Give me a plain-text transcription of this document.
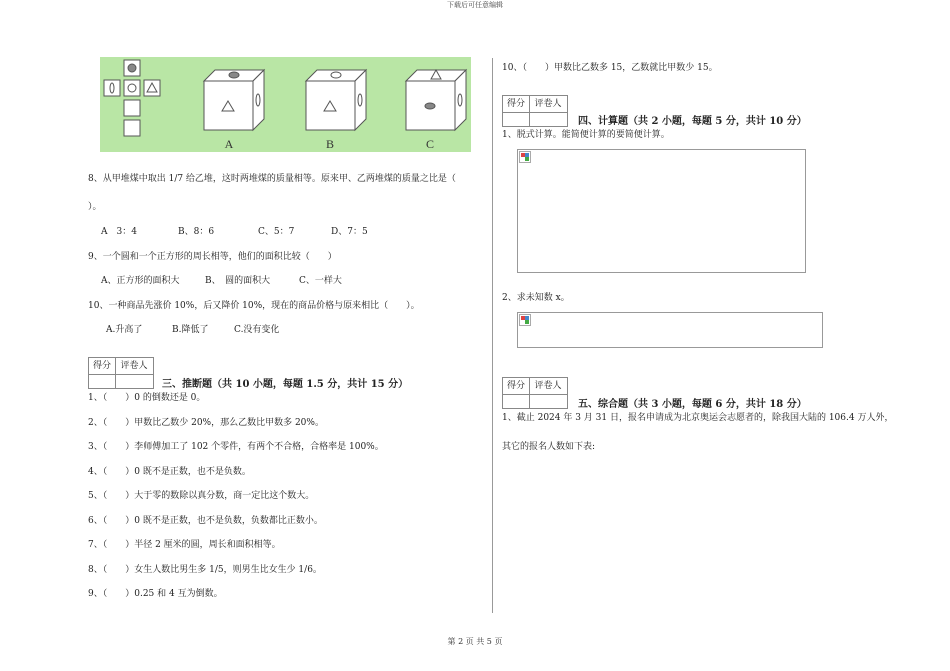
下载后可任意编辑
A	B	C
8、从甲堆煤中取出 1/7 给乙堆，这时两堆煤的质量相等。原来甲、乙两堆煤的质量之比是（
）。
A　3：4	B、8：6	C、5：7	D、7：5
9、一个圆和一个正方形的周长相等，他们的面积比较（　　）
A、正方形的面积大	B、　圆的面积大	C、一样大
10、一种商品先涨价 10%，后又降价 10%，现在的商品价格与原来相比（　　）。
A.升高了	B.降低了	C.没有变化
得分	评卷人
三、推断题（共 10 小题，每题 1.5 分，共计 15 分）
1、（　　）0 的倒数还是 0。
2、（　　）甲数比乙数少 20%，那么乙数比甲数多 20%。
3、（　　）李师傅加工了 102 个零件，有两个不合格，合格率是 100%。
4、（　　）0 既不是正数，也不是负数。
5、（　　）大于零的数除以真分数，商一定比这个数大。
6、（　　）0 既不是正数，也不是负数，负数都比正数小。
7、（　　）半径 2 厘米的圆，周长和面积相等。
8、（　　）女生人数比男生多 1/5，则男生比女生少 1/6。
9、（　　）0.25 和 4 互为倒数。
10、（　　）甲数比乙数多 15，乙数就比甲数少 15。
得分	评卷人
四、计算题（共 2 小题，每题 5 分，共计 10 分）
1、脱式计算。能简便计算的要简便计算。
2、求未知数 x。
得分	评卷人
五、综合题（共 3 小题，每题 6 分，共计 18 分）
1、截止 2024 年 3 月 31 日，报名申请成为北京奥运会志愿者的，除我国大陆的 106.4 万人外，
其它的报名人数如下表:
第 2 页 共 5 页
